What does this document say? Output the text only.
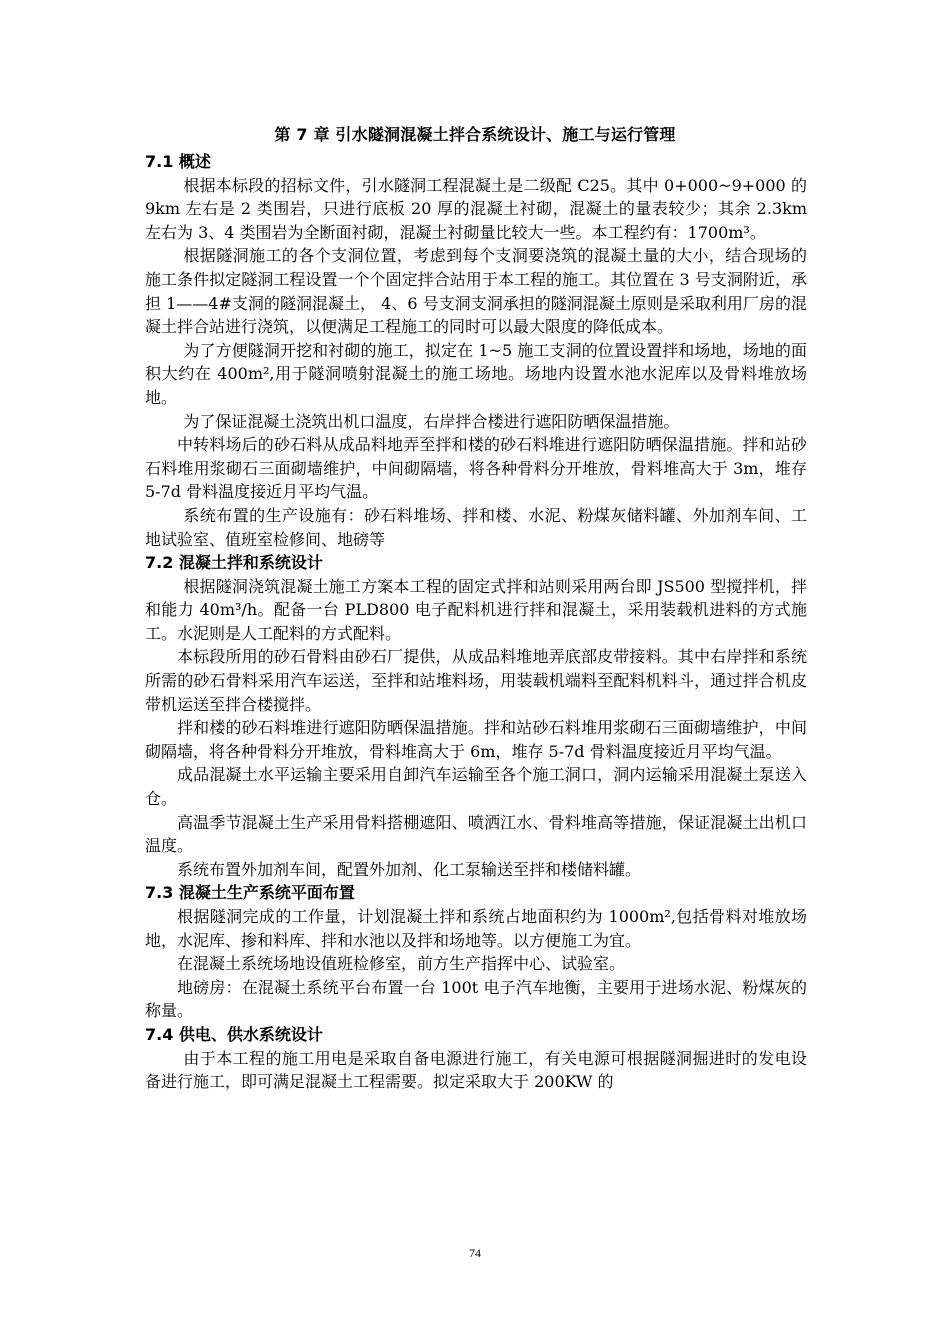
第 7 章 引水隧洞混凝土拌合系统设计、施工与运行管理
7.1 概述

根据本标段的招标文件，引水隧洞工程混凝土是二级配 C25。其中 0+000~9+000 的 9km 左右是 2 类围岩，只进行底板 20 厚的混凝土衬砌，混凝土的量表较少；其余 2.3km 左右为 3、4 类围岩为全断面衬砌，混凝土衬砌量比较大一些。本工程约有：1700m³。

根据隧洞施工的各个支洞位置，考虑到每个支洞要浇筑的混凝土量的大小，结合现场的施工条件拟定隧洞工程设置一个个固定拌合站用于本工程的施工。其位置在 3 号支洞附近，承担 1——4#支洞的隧洞混凝土， 4、6 号支洞支洞承担的隧洞混凝土原则是采取利用厂房的混凝土拌合站进行浇筑，以便满足工程施工的同时可以最大限度的降低成本。

为了方便隧洞开挖和衬砌的施工，拟定在 1~5 施工支洞的位置设置拌和场地，场地的面积大约在 400m²,用于隧洞喷射混凝土的施工场地。场地内设置水池水泥库以及骨料堆放场地。

为了保证混凝土浇筑出机口温度，右岸拌合楼进行遮阳防晒保温措施。

中转料场后的砂石料从成品料地弄至拌和楼的砂石料堆进行遮阳防晒保温措施。拌和站砂石料堆用浆砌石三面砌墙维护，中间砌隔墙，将各种骨料分开堆放，骨料堆高大于 3m，堆存 5-7d 骨料温度接近月平均气温。

系统布置的生产设施有：砂石料堆场、拌和楼、水泥、粉煤灰储料罐、外加剂车间、工地试验室、值班室检修间、地磅等

7.2 混凝土拌和系统设计

根据隧洞浇筑混凝土施工方案本工程的固定式拌和站则采用两台即 JS500 型搅拌机，拌和能力 40m³/h。配备一台 PLD800 电子配料机进行拌和混凝土，采用装载机进料的方式施工。水泥则是人工配料的方式配料。

本标段所用的砂石骨料由砂石厂提供，从成品料堆地弄底部皮带接料。其中右岸拌和系统所需的砂石骨料采用汽车运送，至拌和站堆料场，用装载机端料至配料机料斗，通过拌合机皮带机运送至拌合楼搅拌。

拌和楼的砂石料堆进行遮阳防晒保温措施。拌和站砂石料堆用浆砌石三面砌墙维护，中间砌隔墙，将各种骨料分开堆放，骨料堆高大于 6m，堆存 5-7d 骨料温度接近月平均气温。

成品混凝土水平运输主要采用自卸汽车运输至各个施工洞口，洞内运输采用混凝土泵送入仓。

高温季节混凝土生产采用骨料搭棚遮阳、喷洒江水、骨料堆高等措施，保证混凝土出机口温度。

系统布置外加剂车间，配置外加剂、化工泵输送至拌和楼储料罐。

7.3 混凝土生产系统平面布置

根据隧洞完成的工作量，计划混凝土拌和系统占地面积约为 1000m²,包括骨料对堆放场地，水泥库、掺和料库、拌和水池以及拌和场地等。以方便施工为宜。

在混凝土系统场地设值班检修室，前方生产指挥中心、试验室。

地磅房：在混凝土系统平台布置一台 100t 电子汽车地衡，主要用于进场水泥、粉煤灰的称量。

7.4 供电、供水系统设计

由于本工程的施工用电是采取自备电源进行施工，有关电源可根据隧洞掘进时的发电设备进行施工，即可满足混凝土工程需要。拟定采取大于 200KW 的

74
